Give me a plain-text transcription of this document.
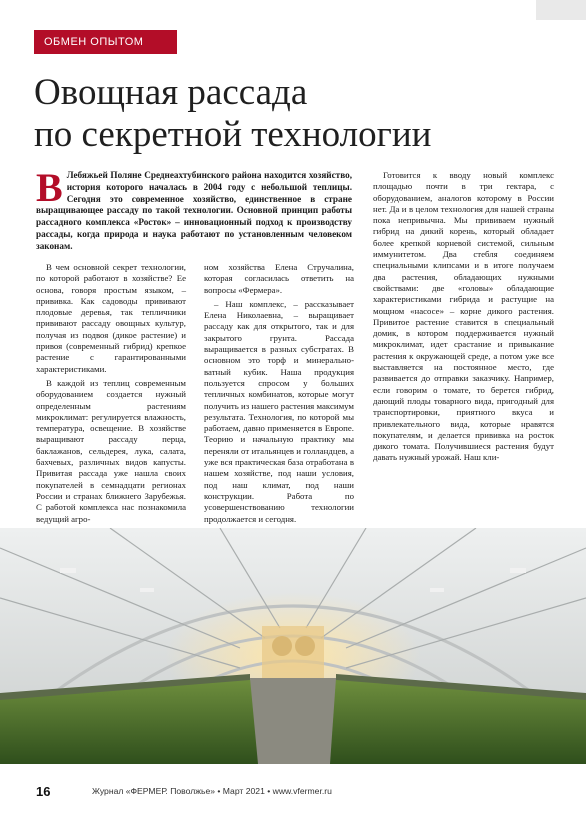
ОБМЕН ОПЫТОМ
Овощная рассада
по секретной технологии

В Лебяжьей Поляне Среднеахтубинского района находится хозяйство, история которого началась в 2004 году с небольшой теплицы. Сегодня это современное хозяйство, единственное в стране выращивающее рассаду по такой технологии. Основной принцип работы рассадного комплекса «Росток» – инновационный подход к производству рассады, когда природа и наука работают по установленным человеком законам.

В чем основной секрет технологии, по которой работают в хозяйстве? Ее основа, говоря простым языком, – прививка. Как садоводы прививают плодовые деревья, так тепличники прививают рассаду овощных культур, получая из подвоя (дикое растение) и привоя (современный гибрид) крепкое растение с гарантированными характеристиками.

В каждой из теплиц современным оборудованием создается нужный определенным растениям микроклимат: регулируется влажность, температура, освещение. В хозяйстве выращивают рассаду перца, баклажанов, сельдерея, лука, салата, бахчевых, различных видов капусты. Привитая рассада уже нашла своих покупателей в семнадцати регионах России и странах ближнего Зарубежья. С работой комплекса нас познакомила ведущий агро-

ном хозяйства Елена Стручалина, которая согласилась ответить на вопросы «Фермера».

– Наш комплекс, – рассказывает Елена Николаевна, – выращивает рассаду как для открытого, так и для закрытого грунта. Рассада выращивается в разных субстратах. В основном это торф и минерально-ватный кубик. Наша продукция пользуется спросом у больших тепличных комбинатов, которые могут получить из нашего растения максимум результата. Технология, по которой мы работаем, давно применяется в Европе. Теорию и начальную практику мы переняли от итальянцев и голландцев, а уже вся практическая база отработана в нашем хозяйстве, под наши условия, под наш климат, под наши конструкции. Работа по усовершенствованию технологии продолжается и сегодня.

Готовится к вводу новый комплекс площадью почти в три гектара, с оборудованием, аналогов которому в России нет. Да и в целом технология для нашей страны пока непривычна. Мы прививаем нужный гибрид на дикий корень, который обладает более крепкой корневой системой, сильным иммунитетом. Два стебля соединяем специальными клипсами и в итоге получаем два растения, обладающих нужными свойствами: две «головы» обладающие характеристиками гибрида и растущие на мощном «насосе» – корне дикого растения. Привитое растение ставится в специальный домик, в котором поддерживается нужный микроклимат, идет срастание и привыкание растения к окружающей среде, а потом уже все выставляется на постоянное место, где развивается до отправки заказчику. Например, если говорим о томате, то берется гибрид, дающий плоды товарного вида, пригодный для транспортировки, приятного вкуса и привлекательного вида, которые нравятся покупателям, и делается прививка на росток дикого томата. Получившиеся растения будут давать нужный урожай. Наш кли-

16	Журнал «ФЕРМЕР. Поволжье» • Март 2021 • www.vfermer.ru
